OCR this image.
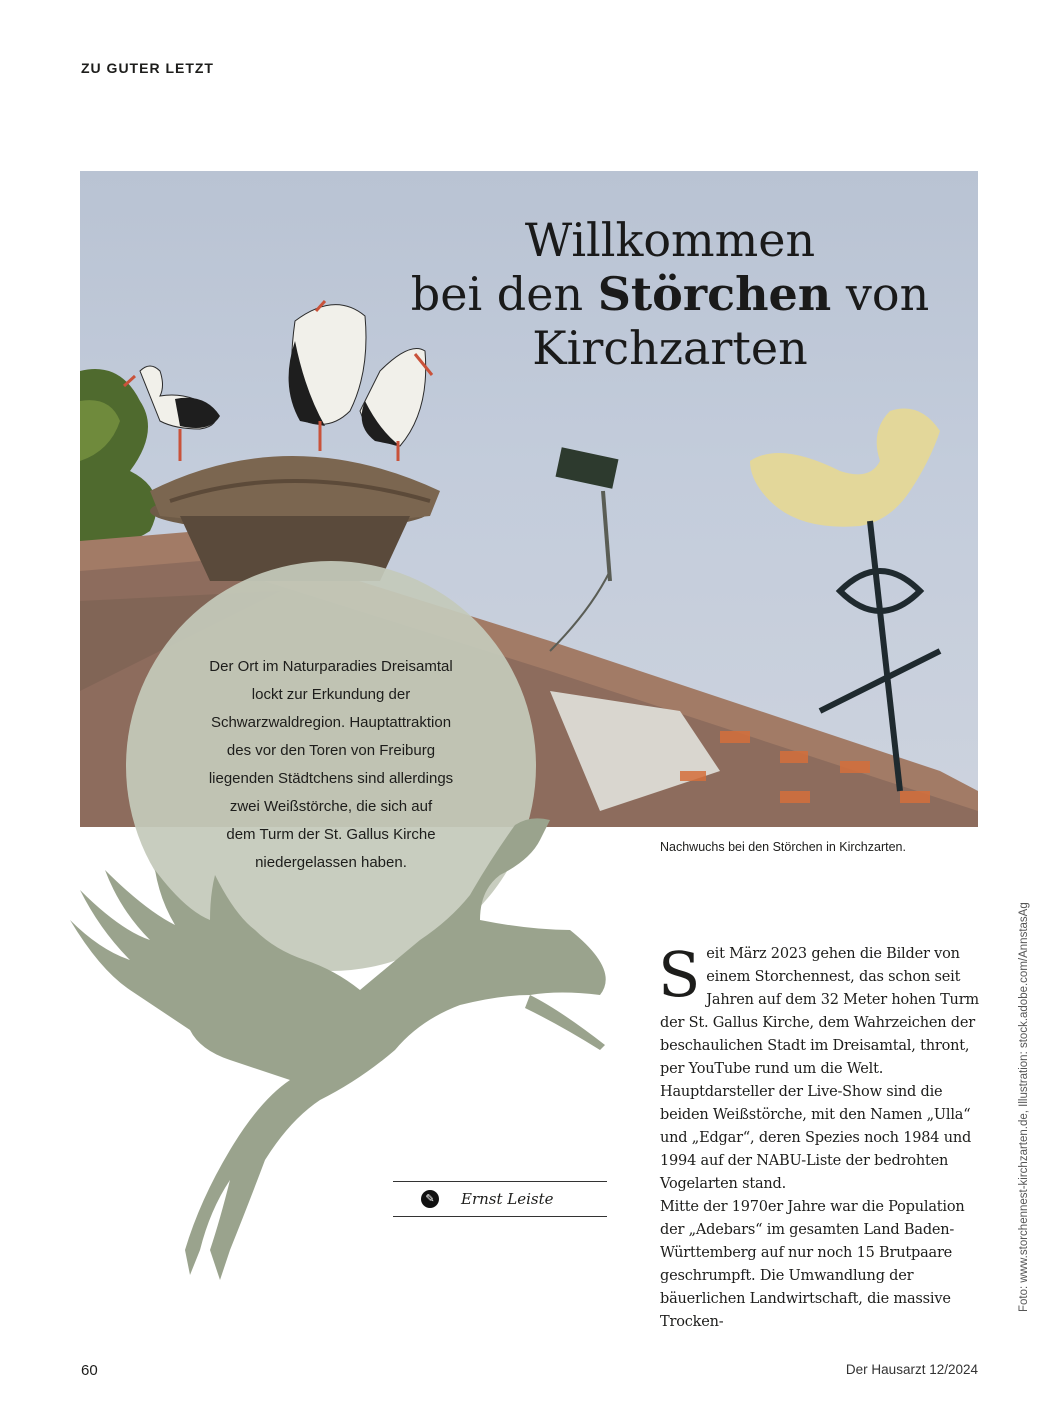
ZU GUTER LETZT
Willkommen
bei den Störchen von
Kirchzarten
Der Ort im Naturparadies Dreisamtal
lockt zur Erkundung der
Schwarzwaldregion. Hauptattraktion
des vor den Toren von Freiburg
liegenden Städtchens sind allerdings
zwei Weißstörche, die sich auf
dem Turm der St. Gallus Kirche
niedergelassen haben.
Nachwuchs bei den Störchen in Kirchzarten.
✎ Ernst Leiste

Seit März 2023 gehen die Bilder von einem Storchennest, das schon seit Jahren auf dem 32 Meter hohen Turm der St. Gallus Kirche, dem Wahrzeichen der beschaulichen Stadt im Dreisamtal, thront, per YouTube rund um die Welt. Hauptdarsteller der Live-Show sind die beiden Weißstörche, mit den Namen „Ulla“ und „Edgar“, deren Spezies noch 1984 und 1994 auf der NABU-Liste der bedrohten Vogelarten stand.

Mitte der 1970er Jahre war die Population der „Adebars“ im gesamten Land Baden-Württemberg auf nur noch 15 Brutpaare geschrumpft. Die Umwandlung der bäuerlichen Landwirtschaft, die massive Trocken-

Foto: www.storchennest-kirchzarten.de, Illustration: stock.adobe.com/AnnstasAg
60	Der Hausarzt 12/2024
